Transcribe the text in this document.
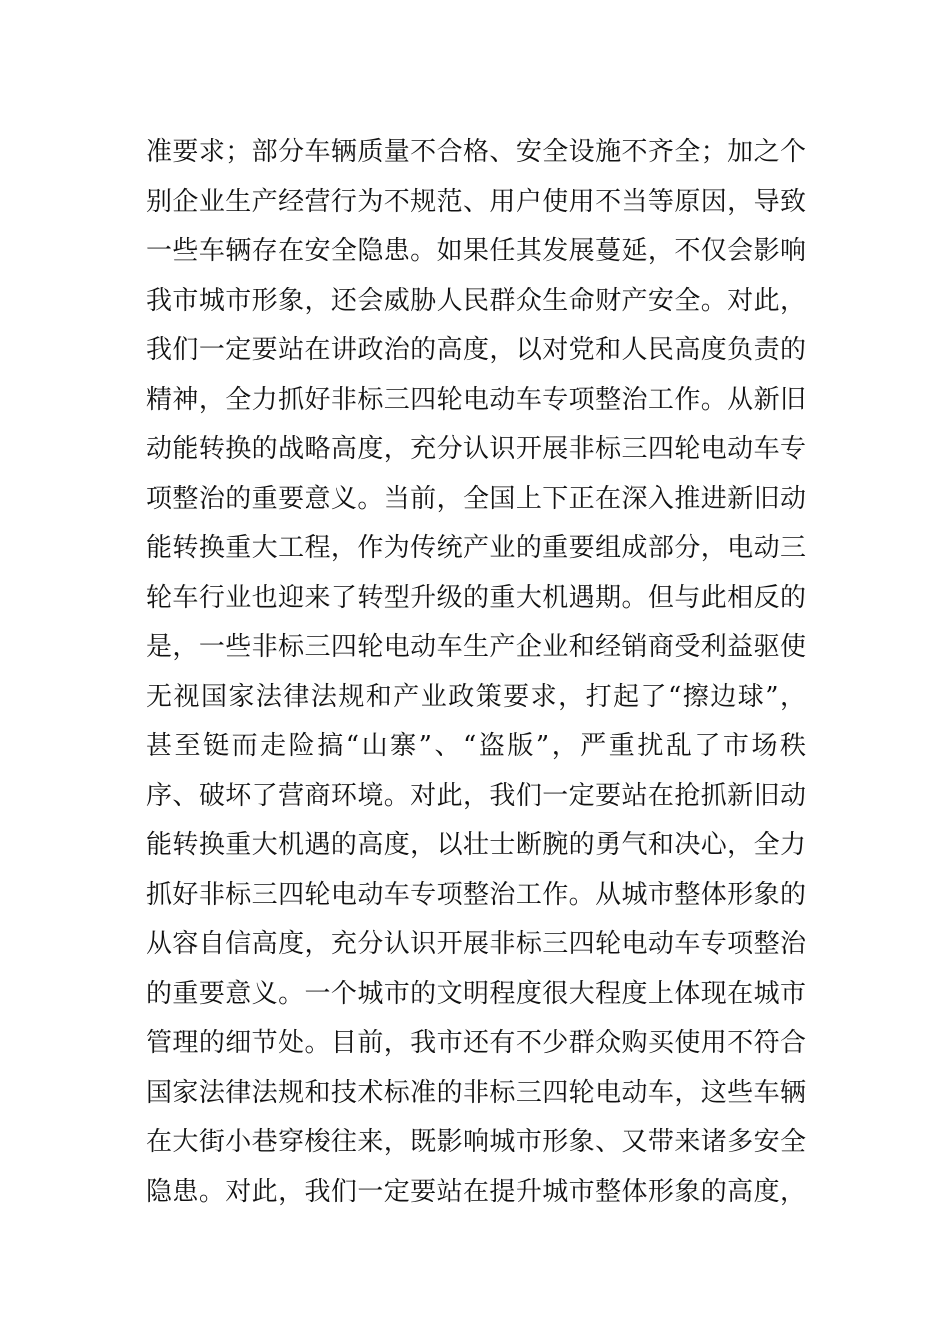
准要求；部分车辆质量不合格、安全设施不齐全；加之个
别企业生产经营行为不规范、用户使用不当等原因，导致
一些车辆存在安全隐患。如果任其发展蔓延，不仅会影响
我市城市形象，还会威胁人民群众生命财产安全。对此，
我们一定要站在讲政治的高度，以对党和人民高度负责的
精神，全力抓好非标三四轮电动车专项整治工作。从新旧
动能转换的战略高度，充分认识开展非标三四轮电动车专
项整治的重要意义。当前，全国上下正在深入推进新旧动
能转换重大工程，作为传统产业的重要组成部分，电动三
轮车行业也迎来了转型升级的重大机遇期。但与此相反的
是，一些非标三四轮电动车生产企业和经销商受利益驱使
无视国家法律法规和产业政策要求，打起了“擦边球”，
甚至铤而走险搞“山寨”、“盗版”，严重扰乱了市场秩
序、破坏了营商环境。对此，我们一定要站在抢抓新旧动
能转换重大机遇的高度，以壮士断腕的勇气和决心，全力
抓好非标三四轮电动车专项整治工作。从城市整体形象的
从容自信高度，充分认识开展非标三四轮电动车专项整治
的重要意义。一个城市的文明程度很大程度上体现在城市
管理的细节处。目前，我市还有不少群众购买使用不符合
国家法律法规和技术标准的非标三四轮电动车，这些车辆
在大街小巷穿梭往来，既影响城市形象、又带来诸多安全
隐患。对此，我们一定要站在提升城市整体形象的高度，
